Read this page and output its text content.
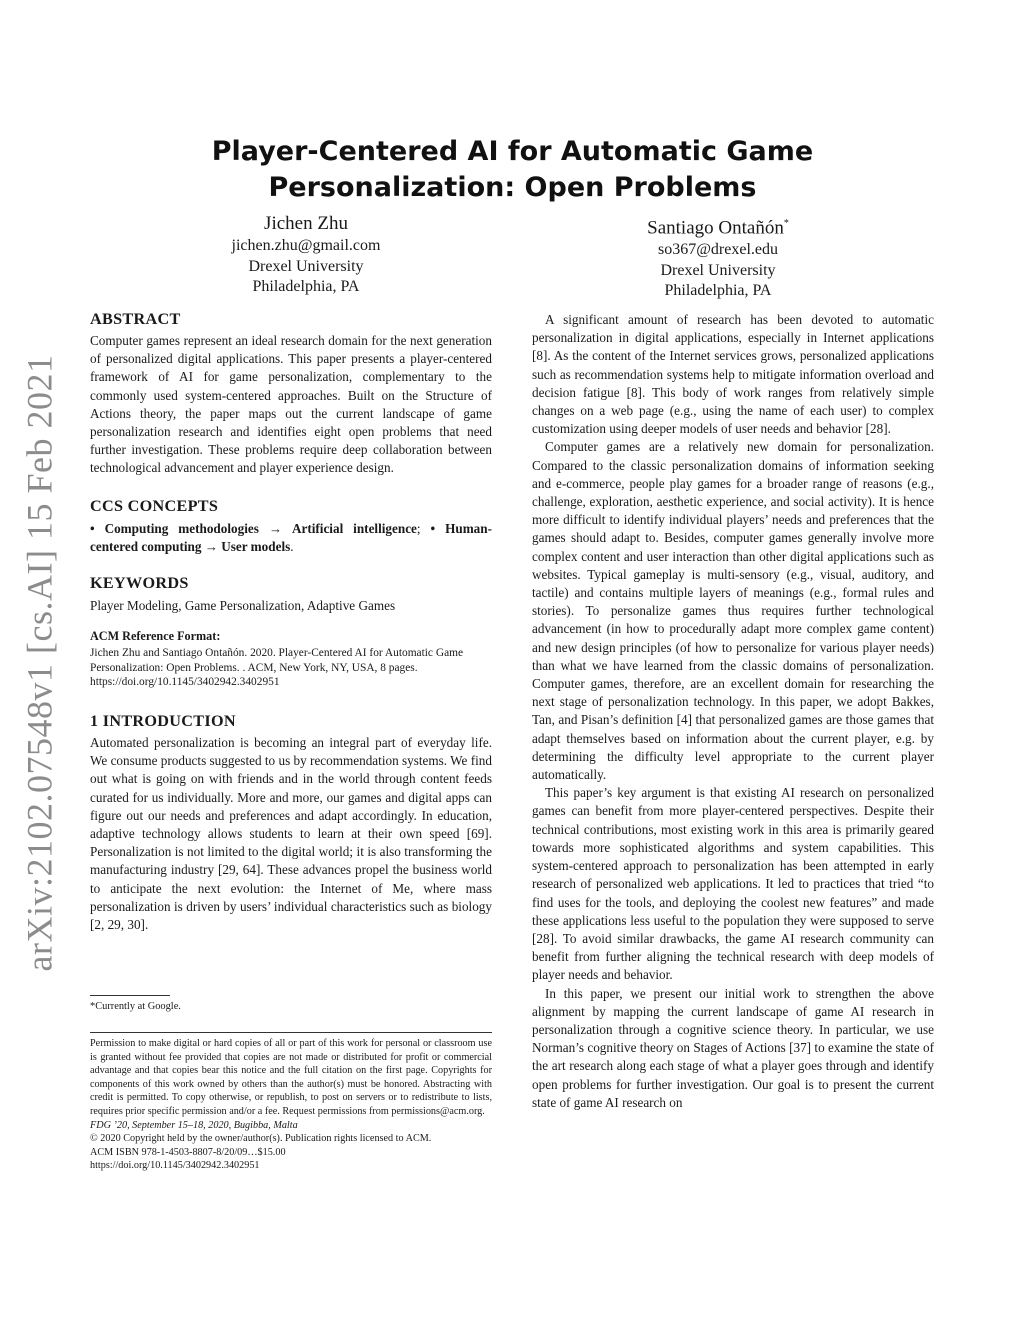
arXiv:2102.07548v1 [cs.AI] 15 Feb 2021
Player-Centered AI for Automatic Game Personalization: Open Problems
Jichen Zhu
jichen.zhu@gmail.com
Drexel University
Philadelphia, PA
Santiago Ontañón*
so367@drexel.edu
Drexel University
Philadelphia, PA
ABSTRACT

Computer games represent an ideal research domain for the next generation of personalized digital applications. This paper presents a player-centered framework of AI for game personalization, complementary to the commonly used system-centered approaches. Built on the Structure of Actions theory, the paper maps out the current landscape of game personalization research and identifies eight open problems that need further investigation. These problems require deep collaboration between technological advancement and player experience design.

CCS CONCEPTS

• Computing methodologies → Artificial intelligence; • Human-centered computing → User models.

KEYWORDS

Player Modeling, Game Personalization, Adaptive Games

ACM Reference Format:

Jichen Zhu and Santiago Ontañón. 2020. Player-Centered AI for Automatic Game Personalization: Open Problems. . ACM, New York, NY, USA, 8 pages. https://doi.org/10.1145/3402942.3402951

1 INTRODUCTION

Automated personalization is becoming an integral part of everyday life. We consume products suggested to us by recommendation systems. We find out what is going on with friends and in the world through content feeds curated for us individually. More and more, our games and digital apps can figure out our needs and preferences and adapt accordingly. In education, adaptive technology allows students to learn at their own speed [69]. Personalization is not limited to the digital world; it is also transforming the manufacturing industry [29, 64]. These advances propel the business world to anticipate the next evolution: the Internet of Me, where mass personalization is driven by users’ individual characteristics such as biology [2, 29, 30].

*Currently at Google.

Permission to make digital or hard copies of all or part of this work for personal or classroom use is granted without fee provided that copies are not made or distributed for profit or commercial advantage and that copies bear this notice and the full citation on the first page. Copyrights for components of this work owned by others than the author(s) must be honored. Abstracting with credit is permitted. To copy otherwise, or republish, to post on servers or to redistribute to lists, requires prior specific permission and/or a fee. Request permissions from permissions@acm.org.

FDG ’20, September 15–18, 2020, Bugibba, Malta

© 2020 Copyright held by the owner/author(s). Publication rights licensed to ACM.

ACM ISBN 978-1-4503-8807-8/20/09…$15.00

https://doi.org/10.1145/3402942.3402951

A significant amount of research has been devoted to automatic personalization in digital applications, especially in Internet applications [8]. As the content of the Internet services grows, personalized applications such as recommendation systems help to mitigate information overload and decision fatigue [8]. This body of work ranges from relatively simple changes on a web page (e.g., using the name of each user) to complex customization using deeper models of user needs and behavior [28].

Computer games are a relatively new domain for personalization. Compared to the classic personalization domains of information seeking and e-commerce, people play games for a broader range of reasons (e.g., challenge, exploration, aesthetic experience, and social activity). It is hence more difficult to identify individual players’ needs and preferences that the games should adapt to. Besides, computer games generally involve more complex content and user interaction than other digital applications such as websites. Typical gameplay is multi-sensory (e.g., visual, auditory, and tactile) and contains multiple layers of meanings (e.g., formal rules and stories). To personalize games thus requires further technological advancement (in how to procedurally adapt more complex game content) and new design principles (of how to personalize for various player needs) than what we have learned from the classic domains of personalization. Computer games, therefore, are an excellent domain for researching the next stage of personalization technology. In this paper, we adopt Bakkes, Tan, and Pisan’s definition [4] that personalized games are those games that adapt themselves based on information about the current player, e.g. by determining the difficulty level appropriate to the current player automatically.

This paper’s key argument is that existing AI research on personalized games can benefit from more player-centered perspectives. Despite their technical contributions, most existing work in this area is primarily geared towards more sophisticated algorithms and system capabilities. This system-centered approach to personalization has been attempted in early research of personalized web applications. It led to practices that tried “to find uses for the tools, and deploying the coolest new features” and made these applications less useful to the population they were supposed to serve [28]. To avoid similar drawbacks, the game AI research community can benefit from further aligning the technical research with deep models of player needs and behavior.

In this paper, we present our initial work to strengthen the above alignment by mapping the current landscape of game AI research in personalization through a cognitive science theory. In particular, we use Norman’s cognitive theory on Stages of Actions [37] to examine the state of the art research along each stage of what a player goes through and identify open problems for further investigation. Our goal is to present the current state of game AI research on
